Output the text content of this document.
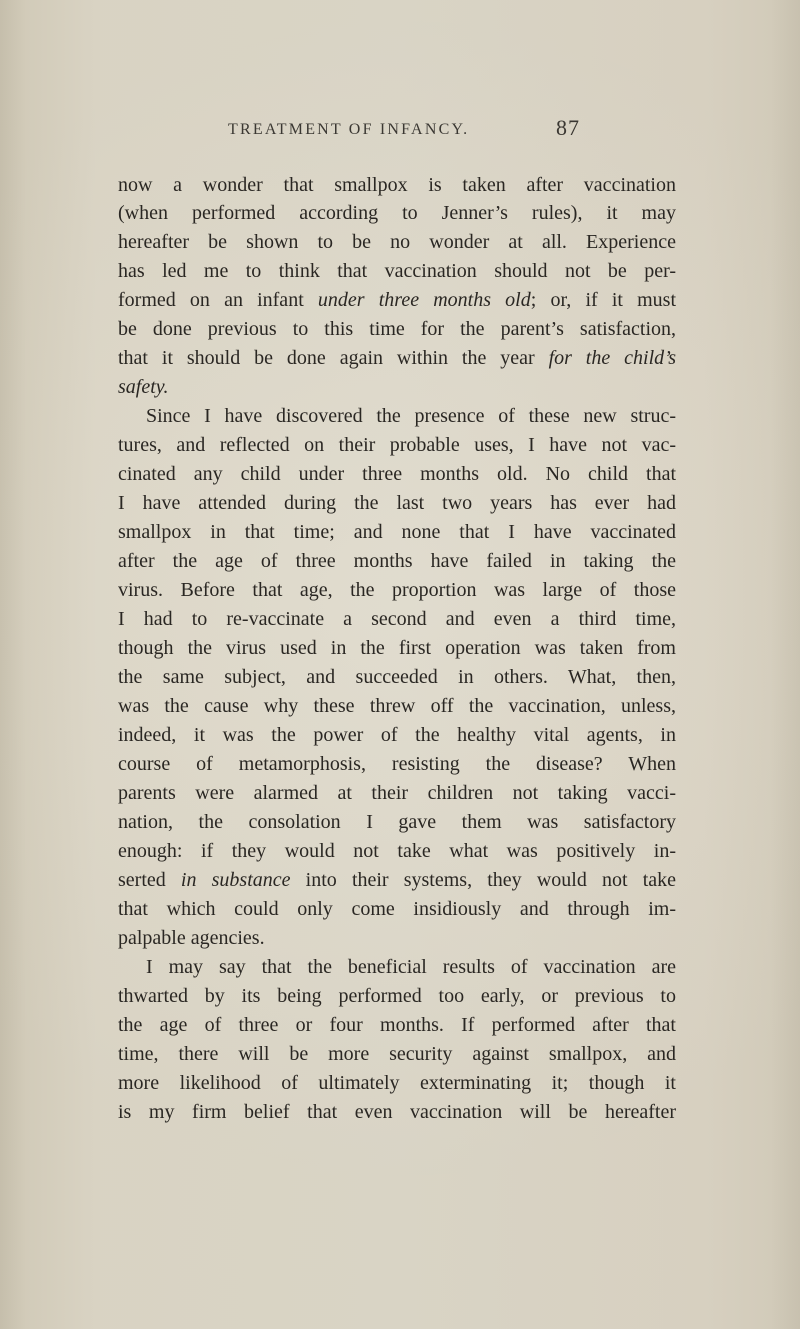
TREATMENT OF INFANCY.	87
now a wonder that smallpox is taken after vaccination
(when performed according to Jenner’s rules), it may
hereafter be shown to be no wonder at all. Experience
has led me to think that vaccination should not be per-
formed on an infant under three months old; or, if it must
be done previous to this time for the parent’s satisfaction,
that it should be done again within the year for the child’s
safety.
Since I have discovered the presence of these new struc-
tures, and reflected on their probable uses, I have not vac-
cinated any child under three months old. No child that
I have attended during the last two years has ever had
smallpox in that time; and none that I have vaccinated
after the age of three months have failed in taking the
virus. Before that age, the proportion was large of those
I had to re-vaccinate a second and even a third time,
though the virus used in the first operation was taken from
the same subject, and succeeded in others. What, then,
was the cause why these threw off the vaccination, unless,
indeed, it was the power of the healthy vital agents, in
course of metamorphosis, resisting the disease? When
parents were alarmed at their children not taking vacci-
nation, the consolation I gave them was satisfactory
enough: if they would not take what was positively in-
serted in substance into their systems, they would not take
that which could only come insidiously and through im-
palpable agencies.
I may say that the beneficial results of vaccination are
thwarted by its being performed too early, or previous to
the age of three or four months. If performed after that
time, there will be more security against smallpox, and
more likelihood of ultimately exterminating it; though it
is my firm belief that even vaccination will be hereafter
